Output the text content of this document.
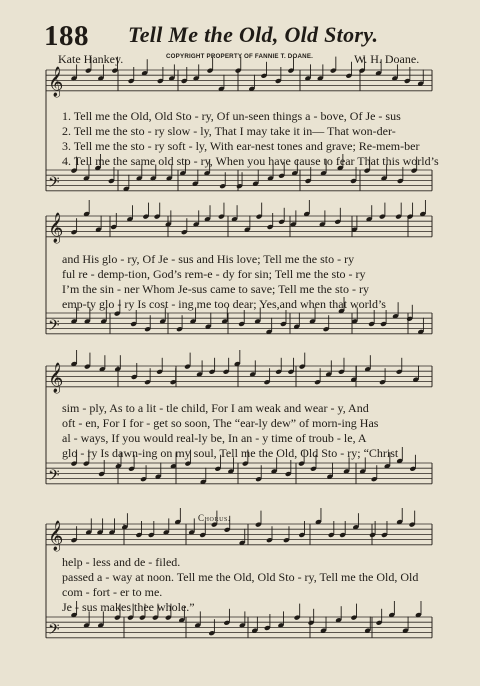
𝄞
𝄢
𝄞
𝄢
𝄞
𝄢
𝄞
𝄢
188 Tell Me the Old, Old Story.
Kate Hankey.	COPYRIGHT PROPERTY OF FANNIE T. DOANE.	W. H. Doane.
1. Tell me the Old, Old Sto - ry, Of un-seen things a - bove, Of Je - sus
2. Tell me the sto - ry slow - ly, That I may take it in— That won-der-
3. Tell me the sto - ry soft - ly, With ear-nest tones and grave; Re-mem-ber
4. Tell me the same old sto - ry, When you have cause to fear That this world’s
and His glo - ry, Of Je - sus and His love; Tell me the sto - ry
ful re - demp-tion, God’s rem-e - dy for sin; Tell me the sto - ry
I’m the sin - ner Whom Je-sus came to save; Tell me the sto - ry
emp-ty glo - ry Is cost - ing me too dear; Yes,and when that world’s
sim - ply, As to a lit - tle child, For I am weak and wear - y, And
oft - en, For I for - get so soon, The “ear-ly dew” of morn-ing Has
al - ways, If you would real-ly be, In an - y time of troub - le, A
glo - ry Is dawn-ing on my soul, Tell me the Old, Old Sto - ry; “Christ
Chorus.
help - less and de - filed.
passed a - way at noon. Tell me the Old, Old Sto - ry, Tell me the Old, Old
com - fort - er to me.
Je - sus makes thee whole.”
